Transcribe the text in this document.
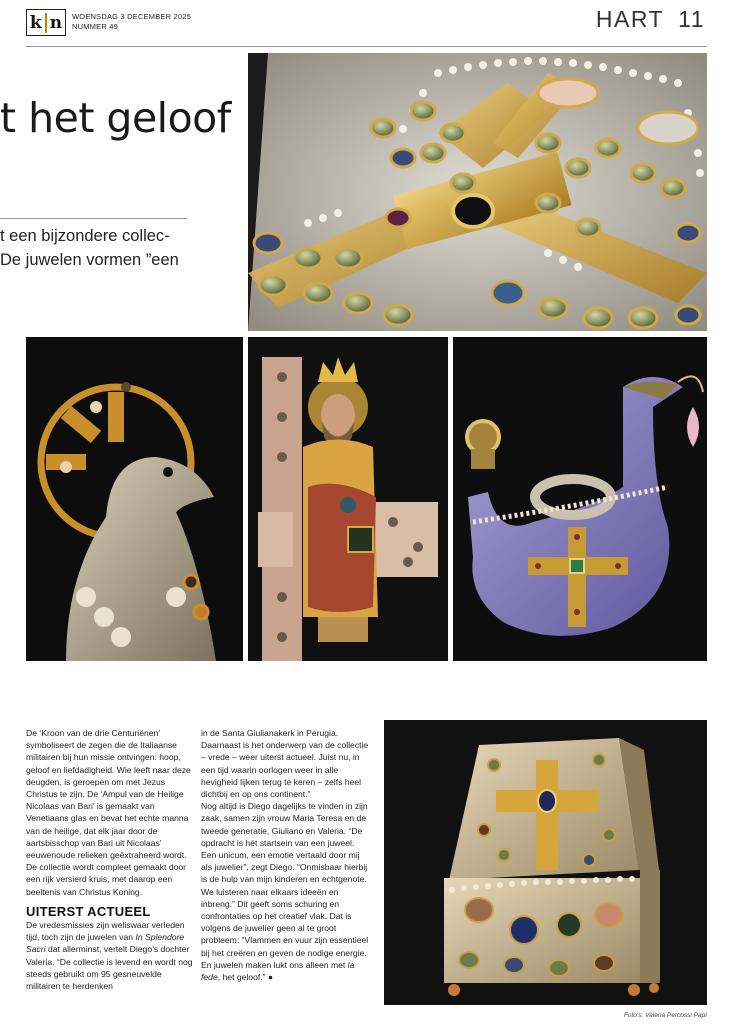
k n WOENSDAG 3 DECEMBER 2025
NUMMER 49	HART 11
t het geloof
t een bijzondere collec-
De juwelen vormen ”een

De ‘Kroon van de drie Centuriënen’ symboliseert de zegen die de Italiaanse militairen bij hun missie ontvingen: hoop, geloof en liefdadigheid. Wie leeft naar deze deugden, is geroepen om met Jezus Christus te zijn. De ‘Ampul van de Heilige Nicolaas van Bari’ is gemaakt van Venetiaans glas en bevat het echte manna van de heilige, dat elk jaar door de aartsbisschop van Bari uit Nicolaas’ eeuwenoude relieken geëxtraheerd wordt. De collectie wordt compleet gemaakt door een rijk versierd kruis, met daarop een beeltenis van Christus Koning.

UITERST ACTUEEL

De vredesmissies zijn weliswaar verleden tijd, toch zijn de juwelen van In Splendore Sacri dat allerminst, vertelt Diego’s dochter Valeria. “De collectie is levend en wordt nog steeds gebruikt om 95 gesneuvelde militairen te herdenken

in de Santa Giulianakerk in Perugia. Daarnaast is het onderwerp van de collectie – vrede – weer uiterst actueel. Juist nu, in een tijd waarin oorlogen weer in alle hevigheid lijken terug te keren – zelfs heel dichtbij en op ons continent.”

Nog altijd is Diego dagelijks te vinden in zijn zaak, samen zijn vrouw Maria Teresa en de tweede generatie, Giuliano en Valeria. “De opdracht is hét startsein van een juweel. Een unicum, een emotie vertaald door mij als juwelier”, zegt Diego. “Onmisbaar hierbij is de hulp van mijn kinderen en echtgenote. We luisteren naar elkaars ideeën en inbreng.” Dit geeft soms schuring en confrontaties op het creatief vlak. Dat is volgens de juwelier geen al te groot probleem: “Vlammen en vuur zijn essentieel bij het creëren en geven de nodige energie. En juwelen maken lukt ons alleen met la fede, het geloof.” ●

Foto’s: Valeria Percossi Papì
